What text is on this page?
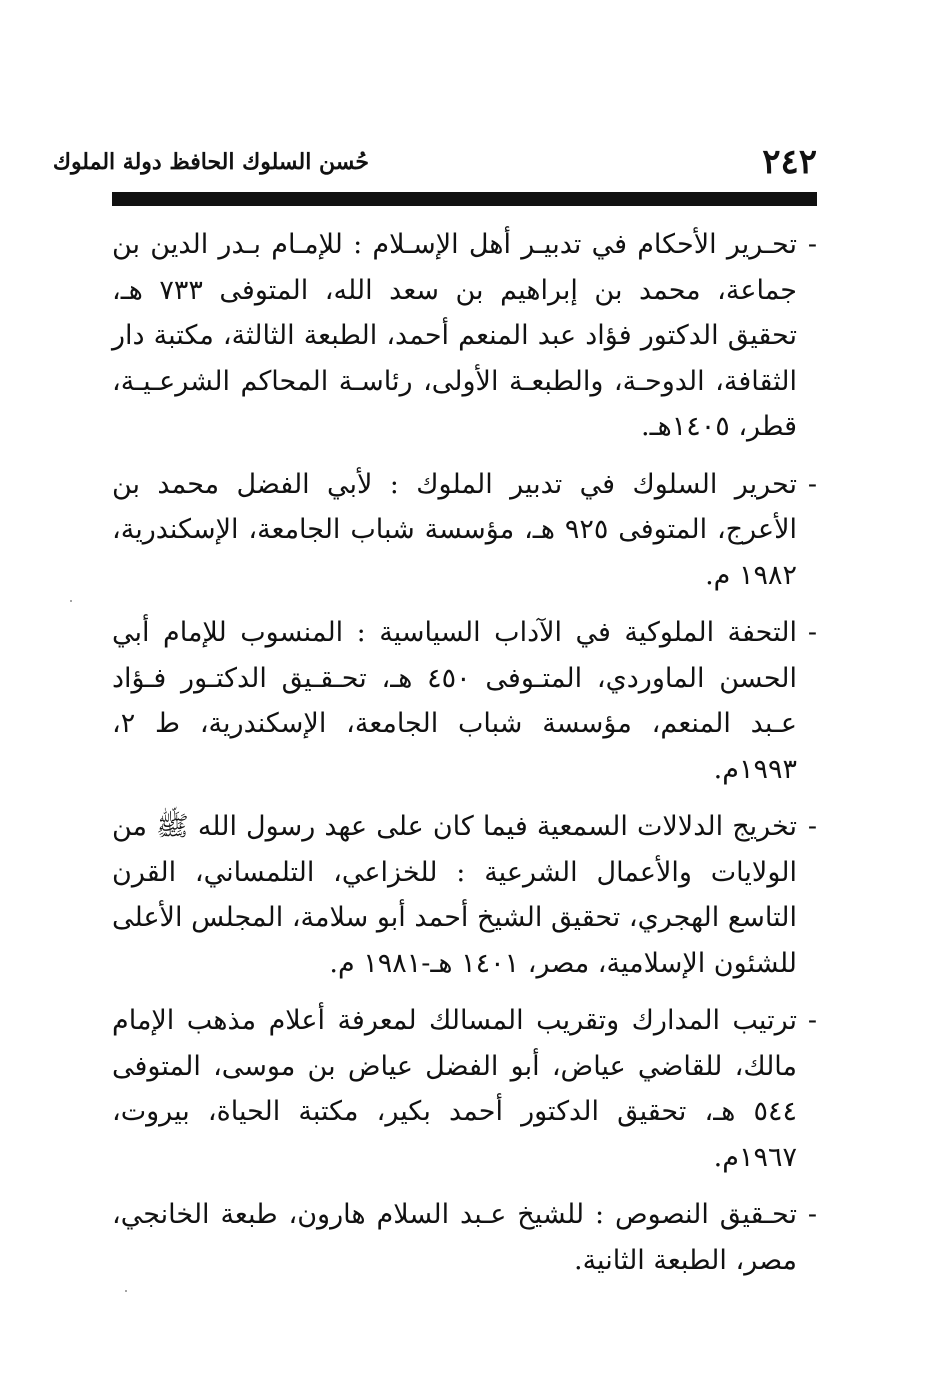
٢٤٢
حُسن السلوك الحافظ دولة الملوك

-
تحـرير الأحكام في تدبيـر أهل الإسـلام : للإمـام بـدر الدين بن جماعة، محمد بن إبراهيم بن سعد الله، المتوفى ٧٣٣ هـ، تحقيق الدكتور فؤاد عبد المنعم أحمد، الطبعة الثالثة، مكتبة دار الثقافة، الدوحـة، والطبعـة الأولى، رئاسـة المحاكم الشرعـيـة، قطر، ١٤٠٥هـ.

-
تحرير السلوك في تدبير الملوك : لأبي الفضل محمد بن الأعرج، المتوفى ٩٢٥ هـ، مؤسسة شباب الجامعة، الإسكندرية، ١٩٨٢ م.

-
التحفة الملوكية في الآداب السياسية : المنسوب للإمام أبي الحسن الماوردي، المتـوفى ٤٥٠ هـ، تحـقـيق الدكتـور فـؤاد عـبد المنعم، مؤسسة شباب الجامعة، الإسكندرية، ط ٢، ١٩٩٣م.

-
تخريج الدلالات السمعية فيما كان على عهد رسول الله ﷺ من الولايات والأعمال الشرعية : للخزاعي، التلمساني، القرن التاسع الهجري، تحقيق الشيخ أحمد أبو سلامة، المجلس الأعلى للشئون الإسلامية، مصر، ١٤٠١ هـ-١٩٨١ م.

-
ترتيب المدارك وتقريب المسالك لمعرفة أعلام مذهب الإمام مالك، للقاضي عياض، أبو الفضل عياض بن موسى، المتوفى ٥٤٤ هـ، تحقيق الدكتور أحمد بكير، مكتبة الحياة، بيروت، ١٩٦٧م.

-
تحـقيق النصوص : للشيخ عـبد السلام هارون، طبعة الخانجي، مصر، الطبعة الثانية.
